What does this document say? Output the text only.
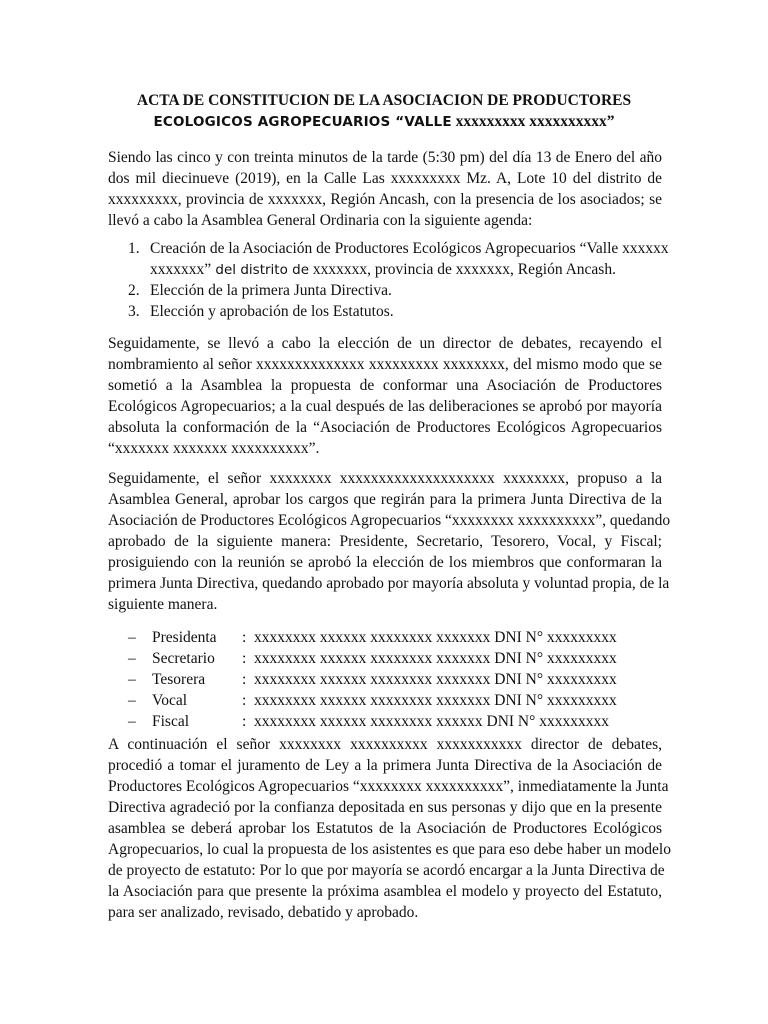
ACTA DE CONSTITUCION DE LA ASOCIACION DE PRODUCTORES
ECOLOGICOS AGROPECUARIOS “VALLE xxxxxxxxx xxxxxxxxxx”
Siendo las cinco y con treinta minutos de la tarde (5:30 pm) del día 13 de Enero del año
dos mil diecinueve (2019), en la Calle Las xxxxxxxxx Mz. A, Lote 10 del distrito de
xxxxxxxxx, provincia de xxxxxxx, Región Ancash, con la presencia de los asociados; se
llevó a cabo la Asamblea General Ordinaria con la siguiente agenda:
1. Creación de la Asociación de Productores Ecológicos Agropecuarios “Valle xxxxxx
xxxxxxx” del distrito de xxxxxxx, provincia de xxxxxxx, Región Ancash.
2. Elección de la primera Junta Directiva.
3. Elección y aprobación de los Estatutos.
Seguidamente, se llevó a cabo la elección de un director de debates, recayendo el
nombramiento al señor xxxxxxxxxxxxxx xxxxxxxxx xxxxxxxx, del mismo modo que se
sometió a la Asamblea la propuesta de conformar una Asociación de Productores
Ecológicos Agropecuarios; a la cual después de las deliberaciones se aprobó por mayoría
absoluta la conformación de la “Asociación de Productores Ecológicos Agropecuarios
“xxxxxxx xxxxxxx xxxxxxxxxx”.
Seguidamente, el señor xxxxxxxx xxxxxxxxxxxxxxxxxxxx xxxxxxxx, propuso a la
Asamblea General, aprobar los cargos que regirán para la primera Junta Directiva de la
Asociación de Productores Ecológicos Agropecuarios “xxxxxxxx xxxxxxxxxx”, quedando
aprobado de la siguiente manera: Presidente, Secretario, Tesorero, Vocal, y Fiscal;
prosiguiendo con la reunión se aprobó la elección de los miembros que conformaran la
primera Junta Directiva, quedando aprobado por mayoría absoluta y voluntad propia, de la
siguiente manera.
– Presidenta : xxxxxxxx xxxxxx xxxxxxxx xxxxxxx DNI N° xxxxxxxxx
– Secretario : xxxxxxxx xxxxxx xxxxxxxx xxxxxxx DNI N° xxxxxxxxx
– Tesorera : xxxxxxxx xxxxxx xxxxxxxx xxxxxxx DNI N° xxxxxxxxx
– Vocal	: xxxxxxxx xxxxxx xxxxxxxx xxxxxxx DNI N° xxxxxxxxx
– Fiscal	: xxxxxxxx xxxxxx xxxxxxxx xxxxxx DNI N° xxxxxxxxx
A continuación el señor xxxxxxxx xxxxxxxxxx xxxxxxxxxxx director de debates,
procedió a tomar el juramento de Ley a la primera Junta Directiva de la Asociación de
Productores Ecológicos Agropecuarios “xxxxxxxx xxxxxxxxxx”, inmediatamente la Junta
Directiva agradeció por la confianza depositada en sus personas y dijo que en la presente
asamblea se deberá aprobar los Estatutos de la Asociación de Productores Ecológicos
Agropecuarios, lo cual la propuesta de los asistentes es que para eso debe haber un modelo
de proyecto de estatuto: Por lo que por mayoría se acordó encargar a la Junta Directiva de
la Asociación para que presente la próxima asamblea el modelo y proyecto del Estatuto,
para ser analizado, revisado, debatido y aprobado.
